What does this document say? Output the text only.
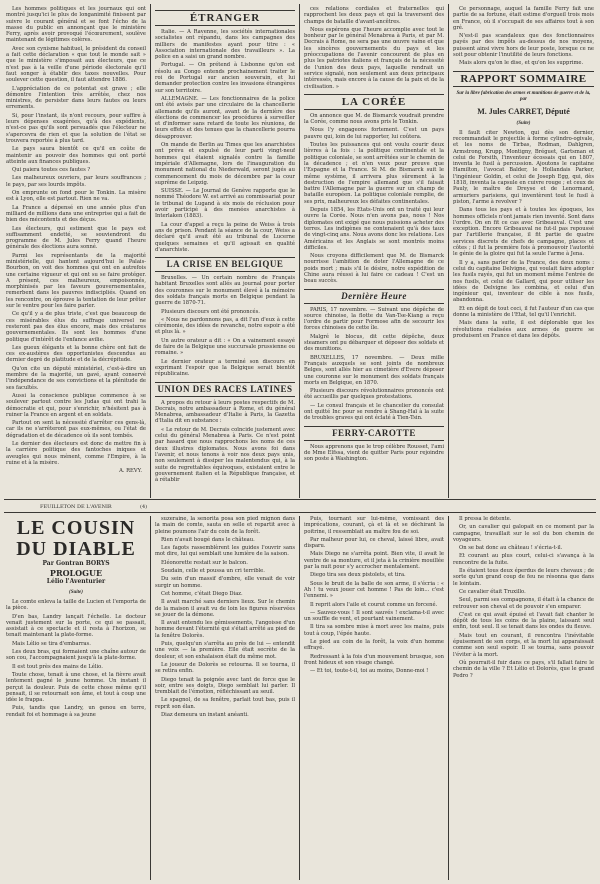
Les hommes politiques et les journaux qui ont montré jusqu'ici le plus de longanimité finissent par suivre le courant général et se font l'écho de la masse du public en annonçant que le ministère Ferry, après avoir provoqué l'écœurement, soulève maintenant de légitimes colères.

Avec son cynisme habituel, le président du conseil a fait cette déclaration « que tout le monde sait » que le ministère s'imposait aux électeurs, que ce n'est pas à la veille d'une période électorale qu'il faut songer à établir des taxes nouvelles. Pour soulever cette question, il faut attendre 1886.

L'appréciation de ce potentat est grave ; elle démontre l'intention très arrêtée, chez nos ministres, de persister dans leurs fautes ou leurs errements.

Si, pour l'instant, ils n'ont recours, pour suffire à leurs dépenses exagérées, qu'à des expédients, n'est-ce pas qu'ils sont persuadés que l'électeur ne s'apercevra de rien et que la solution de l'état se trouvera reportée à plus tard.

Le pays saura bientôt ce qu'il en coûte de maintenir au pouvoir des hommes qui ont porté atteinte aux finances publiques.

Qui paiera toutes ces fautes ?

Les malheureux ouvriers, par leurs souffrances ; le pays, par ses lourds impôts.

On emprunte on fond pour le Tonkin. La misère est à Lyon, elle est partout. Rien ne va.

La France a dépensé en une année plus d'un milliard de millions dans une entreprise qui a fait de bien des mécontents et des déçus.

Les électeurs, qui estiment que le pays est suffisamment endetté, se souviendront du programme de M. Jules Ferry quand l'heure générale des élections aura sonné.

Parmi les représentants de la majorité ministérielle, qui hantent aujourd'hui le Palais-Bourbon, on voit des hommes qui ont en autrefois une certaine vigueur et qui ont su se faire protéger. A présent, ces malheureux, empoisonnés, morphinisés par les faveurs gouvernementales, remerbent dans les pauvres indiscipliés. Quand on les rencontre, on éprouve la tentation de leur prêter sur le ventre pour les faire parler.

Ce qu'il y a de plus triste, c'est que beaucoup de ces misérables élus du suffrage universel ne resteront pas des élus encore, mais des créatures gouvernementales. Ils sont les hommes d'une politique d'intérêt de l'enfance avilie.

Les gueux élégants et la bonne chère ont fait de ces ex-austères des opportunistes descendus au dernier degré de platitude et de la décrépitude.

Qu'on cite un député ministériel, c'est-à-dire un membre de la majorité, un gavé, ayant conservé l'indépendance de ses convictions et la plénitude de ses facultés.

Aussi la conscience publique commence à se soulever partout contre les Judas qui ont trahi la démocratie et qui, pour s'enrichir, n'hésitent pas à ruiner la France en argent et en soldats.

Partout on sent la nécessité d'arrêter ces gens-là, car ils ne s'arrêteront pas eux-mêmes, ou l'état de dégradation et de décadence où ils sont tombés.

Le dernier des électeurs est donc de mettre fin à la carrière politique des fantoches iniques et aveugles qui nous mènent, comme l'Empire, à la ruine et à la misère.

A. REVY.
ÉTRANGER

Italie. — A Ravenne, les sociétés internationales socialistes ont répandu, dans les campagnes des milliers de manifestes ayant pour titre : « Association internationale des travailleurs ». La police en a saisi un grand nombre.

Portugal. — On prétend à Lisbonne qu'on est résolu au Congo entends prochainement traiter le roi de Portugal sur ancien souverain, et lui demander protection contre les invasions étrangères sur son territoire.

ALLEMAGNE. — Les fonctionnaires de la police ont été avisés par une circulaire de la chancellerie allemande qu'ils auront, avant de la dernière des élections de commencer les procédures à surveiller et d'informer sans retard de toute les réunions, de leurs effets et des tenues que la chancellerie pourra désapprouver.

On mande de Berlin au Times que les anarchistes ont prévu et expulsé de leur parti vingt-neuf hommes qui étaient signalés contre la famille impériale d'Allemagne, lors de l'inauguration du monument national du Niederwald, seront jugés au commencement du mois de décembre par la cour suprême de Leipzig.

SUISSE. — Le Journal de Genève rapporte que le nommé Théodore W. est arrivé au commissariat pour le tribunal de Lugand à six mois de réclusion pour avoir participé à des menées anarchistes à Interlaken (1883).

La cour d'appel a reçu la peine de Weiss à trois ans de prison. Pendant la séance de la cour, Weiss a déclaré qu'il avait été au tribunal de Lucerne quelques semaines et qu'il agissait en qualité d'anarchiste.

LA CRISE EN BELGIQUE

Bruxelles. — Un certain nombre de Français habitant Bruxelles sont allés au journal pour porter des couronnes sur le monument élevé à la mémoire des soldats français morts en Belgique pendant la guerre de 1870-71.

Plusieurs discours ont été prononcés.

« Nous ne pardonnons pas, a dit l'un d'eux à cette cérémonie, des idées de revanche, notre espoir a été et plus là. »

Un autre orateur a dit : « On a vainement essayé de faire de la Belgique une succursale prussienne ou romaine. »

Le dernier orateur a terminé son discours en exprimant l'espoir que la Belgique serait bientôt républicaine.

UNION DES RACES LATINES

A propos du retour à leurs postes respectifs de M. Decrais, notre ambassadeur à Rome, et du général Menabrea, ambassadeur d'Italie à Paris, la Gazetta d'Italia dit en substance :

« Le retour de M. Decrais coïncide justement avec celui du général Menabrea à Paris. Ce n'est point par hasard que nous rapprochons les noms de ces deux illustres diplomates. Nous avons foi dans l'avenir, et nous tenons à voir nos deux pays unis, non seulement à dissiper les malentendus qui, à la suite de regrettables équivoques, existaient entre le gouvernement italien et la République française, et à rétablir

ces relations cordiales et fraternelles qui rapprochent les deux pays et qui la traversent des champs de bataille d'avant-ancêtres.

Nous espérons que l'heure accomplie avec tout le bonheur par le général Menabrea à Paris, et par M. Decrais à Rome, ne sera pas une œuvre vaine et que les sincères gouvernements du pays et les préoccupations de l'avenir concourent de plus en plus les patriotes italiens et français de la nécessité de l'union des deux pays, laquelle rendrait un service signalé, non seulement aux deux principaux intéressés, mais encore à la cause de la paix et de la civilisation. »

LA CORÉE

On annonce que M. de Bismarck voudrait prendre la Corée, comme nous avons pris le Tonkin.

Nous l'y engageons fortement. C'est un pays pauvre qui, loin de lui rapporter, lui coûtera.

Toutes les puissances qui ont voulu courir deux lièvres à la fois : la politique continentale et la politique coloniale, se sont arrêtées sur le chemin de la décadence ; et n'en veux pour preuve que l'Espagne et la France. Si M. de Bismarck suit le même système, il arrivera plus sûrement à la destruction de l'empire allemand que s'il faisait battre l'Allemagne par la guerre sur un champ de bataille européen. La politique coloniale remplie, de ses prix, malheureux les défaites continentales.

Depuis 1854, les Etats-Unis ont un traité qui leur ouvre la Corée. Nous n'en avons pas, nous ! Nos diplomates ont exigé que nous puissions acheter des terres. Les indigènes ne contenaient qu'à des taux de vingt-cinq ans. Nous avons donc les relations. Les Américains et les Anglais se sont montrés moins difficiles.

Nous croyons difficilement que M. de Bismarck nourrisse l'ambition de doter l'Allemagne de ce poids mort ; mais s'il le désire, notre expédition de Chine aura réussi à lui faire ce cadeau ! C'est un beau succès.

Dernière Heure

PARIS, 17 novembre. — Suivant une dépêche de source chinoise, la flotte du Van-Tse-Kiang a reçu l'ordre de partir pour Formose afin de secourir les forces chinoises de cette île.

Malgré le blocus, dit cette dépêche, deux steamers ont pu débarquer et déposer des soldats et des munitions.

BRUXELLES, 17 novembre. — Deux mille Français auxquels se sont joints de nombreux Belges, sont allés hier au cimetière d'Evere déposer une couronne sur le monument des soldats français morts en Belgique, en 1870.

Plusieurs discours révolutionnaires prononcés ont été accueillis par quelques protestations.

— Le consul français et le chancelier du consulat ont quitté Inc pour se rendre à Shang-Haï à la suite de troubles graves qui ont éclaté à Tien-Tsin.

FERRY-CAROTTE

Nous apprenons que le trop célèbre Rousset, l'ami de Mme Elfssa, vient de quitter Paris pour rejoindre son poste à Washington.

Ce personnage, auquel la famille Ferry fait une partie de sa fortune, était estime d'orgueil trois mois en France, où il s'occupait de ses affaires tout à son gré.

N'est-il pas scandaleux que des fonctionnaires payés par des impôts au-dessus de nos moyens, puissent ainsi vivre hors de leur poste, lorsque ce ne soit pour obtenir l'inutilité de leurs fonctions.

Mais alors qu'on le dise, et qu'on les supprime.

RAPPORT SOMMAIRE
Sur la libre fabrication des armes et munitions de guerre et de la, par
M. Jules CARRET, Député
(Suite)

Il fault citer Newton, qui dès son dernier, recommandait le projectile à forme cylindro-ogivale, et les noms de Tirbas, Rodman, Dahlgren, Armstrong, Krupp, Montigny, Bréguet, Gartsman et celui de Forsith, l'inventeur écossais qui en 1807, inventa le fusil à percussion. Ajoutons le capitaine Hamilton, l'avocat Balder, le Hollandais Parker, l'ingénieur Goldin, et celui de Joseph Egg, qui, dès 1818, inventa la capsule en cuivre rouge ; et ceux de Pauly, le maître de Dreyse et de Lenormand, armuriers parisiens, qui inventèrent tout le fusil à piston, l'arme à revolver ?

Dans tous les pays et à toutes les époques, les hommes officiels n'ont jamais rien inventé. Sont dans l'ordre. On en fit ce cas avec Gribeauval. C'est une exception. Encore Gribeauval ne fut-il pas repoussé par l'artillerie française, il fit partie de quatre services discrets de chefs de campagne, places et côtes ; il fut la première fois à promouvoir l'autorité le génie de la gloire qui fut la seule l'arme à Jena.

Il y a, sans parler de la France, des deux noms : celui du capitaine Delvigne, qui voulait faire adopter les fusils rayés, qui fut un moment même l'entrée de nos fusils, et celui de Gallard, qui pour utiliser les idées de Delvigne les combina, et celui d'un ingénieur qui, inventeur de cible à nos fusils, abandonna.

Et en dépit de tout ceci, il fut l'auteur d'un cas que donne la ministère de l'Etat, tel qu'il l'enrichit.

Mais dans la suite, il est déplorable que les révolutions réalisées aux armes de guerre se produisent en France et dans les dépôts.

FEUILLETON DE L'AVENIR	(4)
LE COUSIN DU DIABLE
Par Gontran BORYS
PROLOGUE
Lélio l'Aventurier
(Suite)

Le comte enleva la taille de Lucien et l'emporta de la pièce.

D'en bas, Landry lançait l'échelle. Le docteur venait justement sur la porte, ce qui se passait, assistait à ce spectacle et il resta à l'horizon, se tenait maintenant la plate-forme.

Mais Lélio se tira d'embarras.

Les deux bras, qui formaient une chaîne autour de son cou, l'accompagnaient jusqu'à la plate-forme.

Il est tout près des mains de Lélio.

Toute chose, tenait à une chose, et la fièvre avait lentement gagné le jeune homme. Un instant il perçut la douleur. Puis de cette chose même qu'il pensait, il se retournait son âme, et tout à coup une idée le frappa.

Puis, tandis que Landry, un genou en terre, rendait foi et hommage à sa jeune

suzeraine, la senorita posa son pied mignon dans la main de comte, sauta en selle et repartit avec à pleine poumons l'air du coin de la forêt.

Rien n'avait bougé dans le château.

Les fagots rassemblèrent les guides l'ouvrir sans mot dire, lui qui semblait une lumière de la saison.

Eléonorette restait sur le balcon.

Soudain, celle et poussa un cri terrible.

Du sein d'un massif d'ombre, elle venait de voir surgir un homme.

Cet homme, c'était Diego Diaz.

Il avait marché sans derniers lieux. Sur le chemin de la maison il avait vu de loin les figures réservées se jouer de la démone.

Il avait entendu les gémissements, l'angoisse d'un homme devant l'éternité qui s'était arrêté au pied de la fenêtre Dolorès.

Puis, quelqu'un s'arrêta au près de lui — entendit une voix — la première. Elle était secrète de la douleur, et son exhalaison était du même mot.

Le joueur de Dolorès se retourna. Il se tourna, il se retira enfin.

Diego tenait la poignée avec tant de force que le soir, entre ses doigts, Diego semblait lui parler. Il tremblait de l'émotion, réfléchissant au seuil.

Le spagnol, de sa fenêtre, parlait tout bas, puis il reprit son élan.

Diaz demeura un instant anéanti.

Puis, tournant sur lui-même, vomissant des imprécations, courant, çà et là et se déchirant la poitrine, il ressemblait au maître fou de soi.

Par malheur pour lui, ce cheval, laissé libre, avait disparu.

Mais Diego ne s'arrêta point. Bien vite, il avait le ventre de sa monture, et il jeta à la crinière mouillée par la nuit pour s'y accrocher mentalement.

Diego tira ses deux pistolets, et tira.

Sous le bruit de la balle de son arme, il s'écria : « Ah ! tu veux jouer cet homme ! Pas de loin... c'est l'ennemi. »

Il reprit alors l'aile et courut comme un forcené.

— Sauvez-vous ! Il sont sauvés ! exclama-t-il avec un souffle de vent, et pourtant vainement.

Il tira sa sombre mise à mort avec les mains, puis tout à coup, l'épée haute.

Le pied au coin de la forêt, la voix d'un homme effrayé.

Redressant à la fois d'un mouvement brusque, son front hideux et son visage changé.

— Et toi, toute-t-il, toi au moins, Donne-moi !

Il pressa le détente.

Or, un cavalier qui galopait en ce moment par la campagne, travaillait sur le sol du bon chemin de voyageurs.

On se bat donc au château ! s'écria-t-il.

Et courant au plus court, celui-ci s'avança à la rencontre de la fuite.

Ils étaient tous deux éperdus de leurs chevaux ; de sorte qu'un grand coup de feu ne résonna que dans le lointain.

Ce cavalier était Truxillo.

Seul, parmi ses compagnons, il était à la chance de retrouver son cheval et de pouvoir s'en emparer.

C'est ce qui avait épuisé et l'avait fait chanter le dépôt de tous les coins de la plaine, laissant seul enfin, tout seul. Il se tenait dans les ondes du fleuve.

Mais tout en courant, il rencontra l'inévitable épuisement de son corps, et la mort lui apparaissait comme son seul espoir. Il se tourna, sans pouvoir l'éviter à la mort.

Où pourrait-il fuir dans ce pays, s'il fallait faire le chemin de la ville ? Et Lélio et Dolorès, que le grand Pedro ?
